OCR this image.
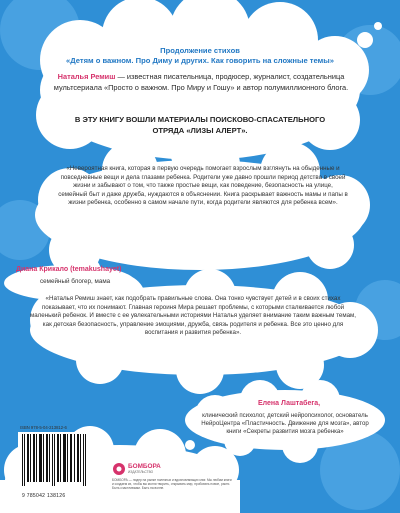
Продолжение стихов
«Детям о важном. Про Диму и других. Как говорить на сложные темы»

Наталья Ремиш — известная писательница, продюсер, журналист, создательница мультсериала «Просто о важном. Про Миру и Гошу» и автор полумиллионного блога.

В ЭТУ КНИГУ ВОШЛИ МАТЕРИАЛЫ ПОИСКОВО-СПАСАТЕЛЬНОГО ОТРЯДА «ЛИЗЫ АЛЕРТ».

«Невероятная книга, которая в первую очередь помогает взрослым взглянуть на обыденные и повседневные вещи и дела глазами ребенка. Родители уже давно прошли период детства в своей жизни и забывают о том, что также простые вещи, как поведение, безопасность на улице, семейный быт и даже дружба, нуждаются в объяснении. Книга раскрывает важность мамы и папы в жизни ребенка, особенно в самом начале пути, когда родители являются для ребенка всем».

Диана Крикало (temakushayet)

семейный блогер, мама

«Наталья Ремиш знает, как подобрать правильные слова. Она тонко чувствует детей и в своих стихах показывает, что их понимают. Главная героиня Мира решает проблемы, с которыми сталкивается любой маленький ребенок. И вместе с ее увлекательными историями Наталья уделяет внимание таким важным темам, как детская безопасность, управление эмоциями, дружба, связь родителя и ребенка. Все это ценно для воспитания и развития ребенка».

Елена Лаштабега,

клинический психолог, детский нейропсихолог, основатель НейроЦентра «Пластичность. Движение для мозга», автор книги «Секреты развития мозга ребенка»

ISBN 978-5-04-213812-6

9 785042 138126

БОМБОРА

ИЗДАТЕЛЬСТВО

БОМБОРА — лидер на рынке полезных и вдохновляющих книг. Мы любим книги и создаем их, чтобы вы могли творить, открывать мир, пробовать новое, расти. Быть счастливыми. Быть на волне.
